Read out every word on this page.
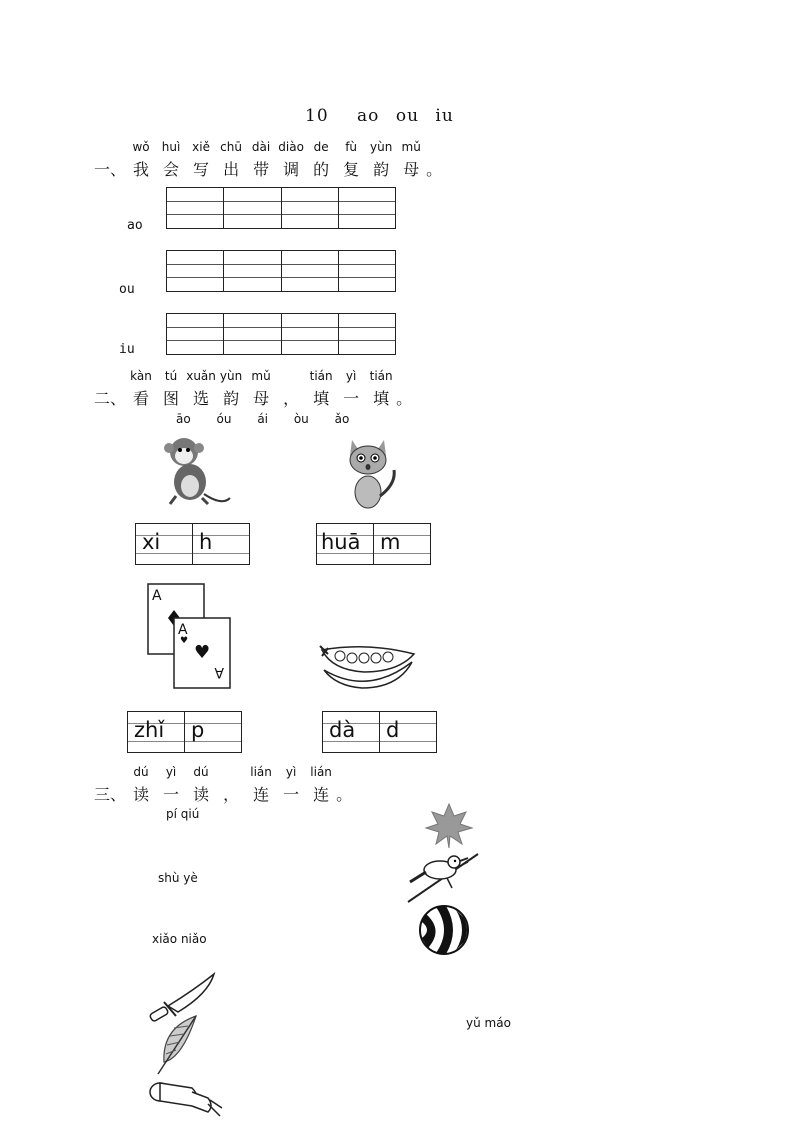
10 ao ou iu
一、
wǒ
我
huì
会
xiě
写
chū
出
dài
带
diào
调
de
的
fù
复
yùn
韵
mǔ
母 。
ao
ou
iu
二、
kàn
看
tú
图
xuǎn
选
yùn
韵
mǔ
母 ，
tián
填
yì
一
tián
填 。
āo óu ái òu ǎo
xi h	huā m
A
A
♥
♥
A
zhǐ p	dà d
三、
dú
读
yì
一
dú
读 ，
lián
连
yì
一
lián
连 。
pí qiú
shù yè
xiǎo niǎo
yǔ máo
